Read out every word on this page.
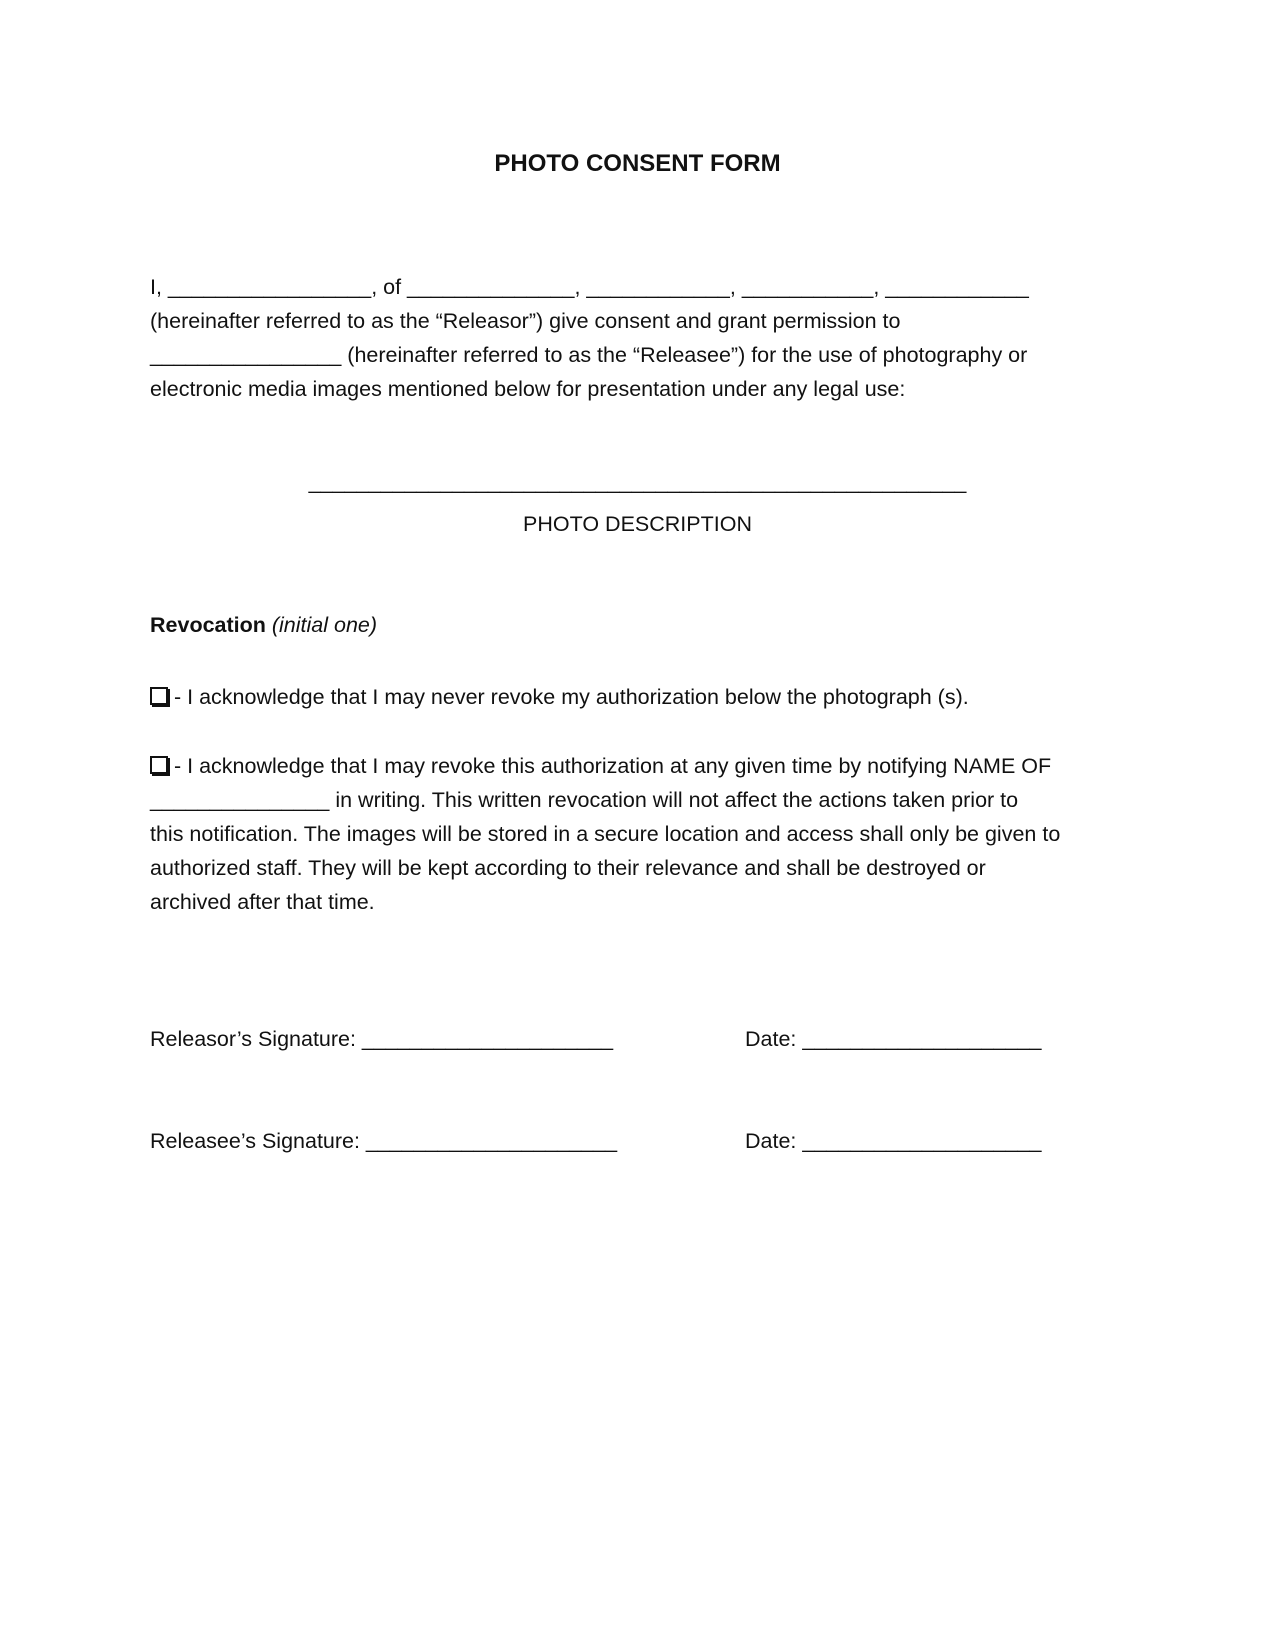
PHOTO CONSENT FORM
I, _________________, of ______________, ____________, ___________, ____________
(hereinafter referred to as the “Releasor”) give consent and grant permission to
________________ (hereinafter referred to as the “Releasee”) for the use of photography or
electronic media images mentioned below for presentation under any legal use:
_______________________________________________________
PHOTO DESCRIPTION
Revocation (initial one)
- I acknowledge that I may never revoke my authorization below the photograph (s).
- I acknowledge that I may revoke this authorization at any given time by notifying NAME OF
_______________ in writing. This written revocation will not affect the actions taken prior to
this notification. The images will be stored in a secure location and access shall only be given to
authorized staff. They will be kept according to their relevance and shall be destroyed or
archived after that time.
Releasor’s Signature: _____________________	Date: ____________________
Releasee’s Signature: _____________________	Date: ____________________
